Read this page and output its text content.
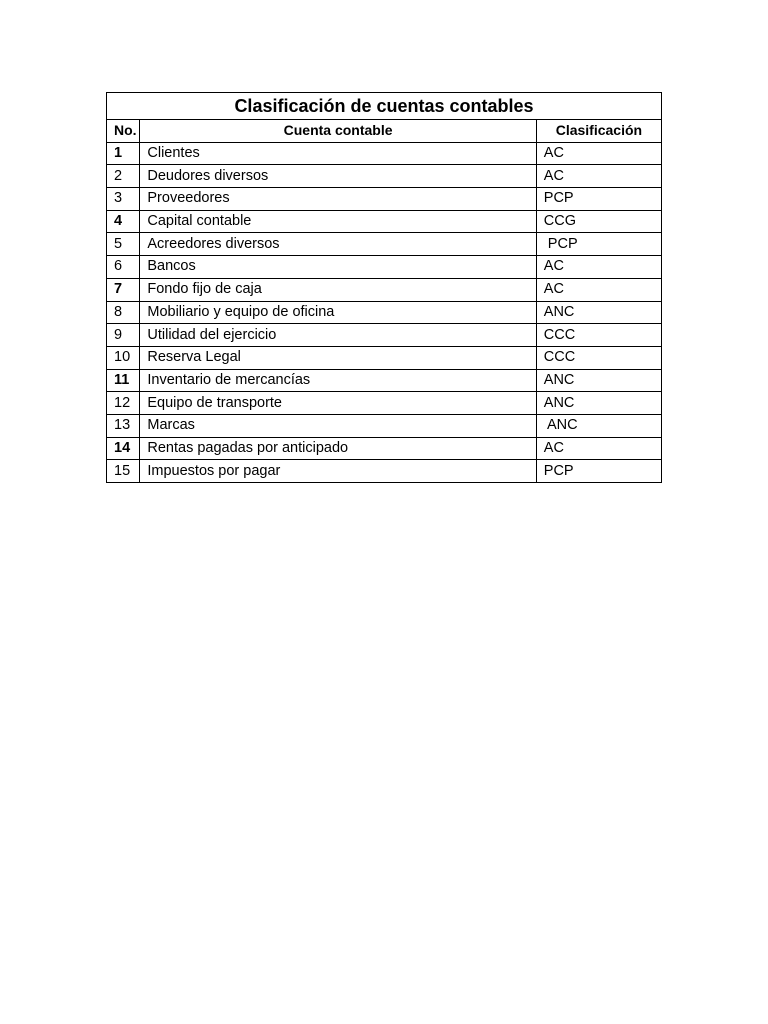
Clasificación de cuentas contables		
No.	Cuenta contable	Clasificación
1	Clientes	AC
2	Deudores diversos	AC
3	Proveedores	PCP
4	Capital contable	CCG
5	Acreedores diversos	PCP
6	Bancos	AC
7	Fondo fijo de caja	AC
8	Mobiliario y equipo de oficina	ANC
9	Utilidad del ejercicio	CCC
10	Reserva Legal	CCC
11	Inventario de mercancías	ANC
12	Equipo de transporte	ANC
13	Marcas	ANC
14	Rentas pagadas por anticipado	AC
15	Impuestos por pagar	PCP
